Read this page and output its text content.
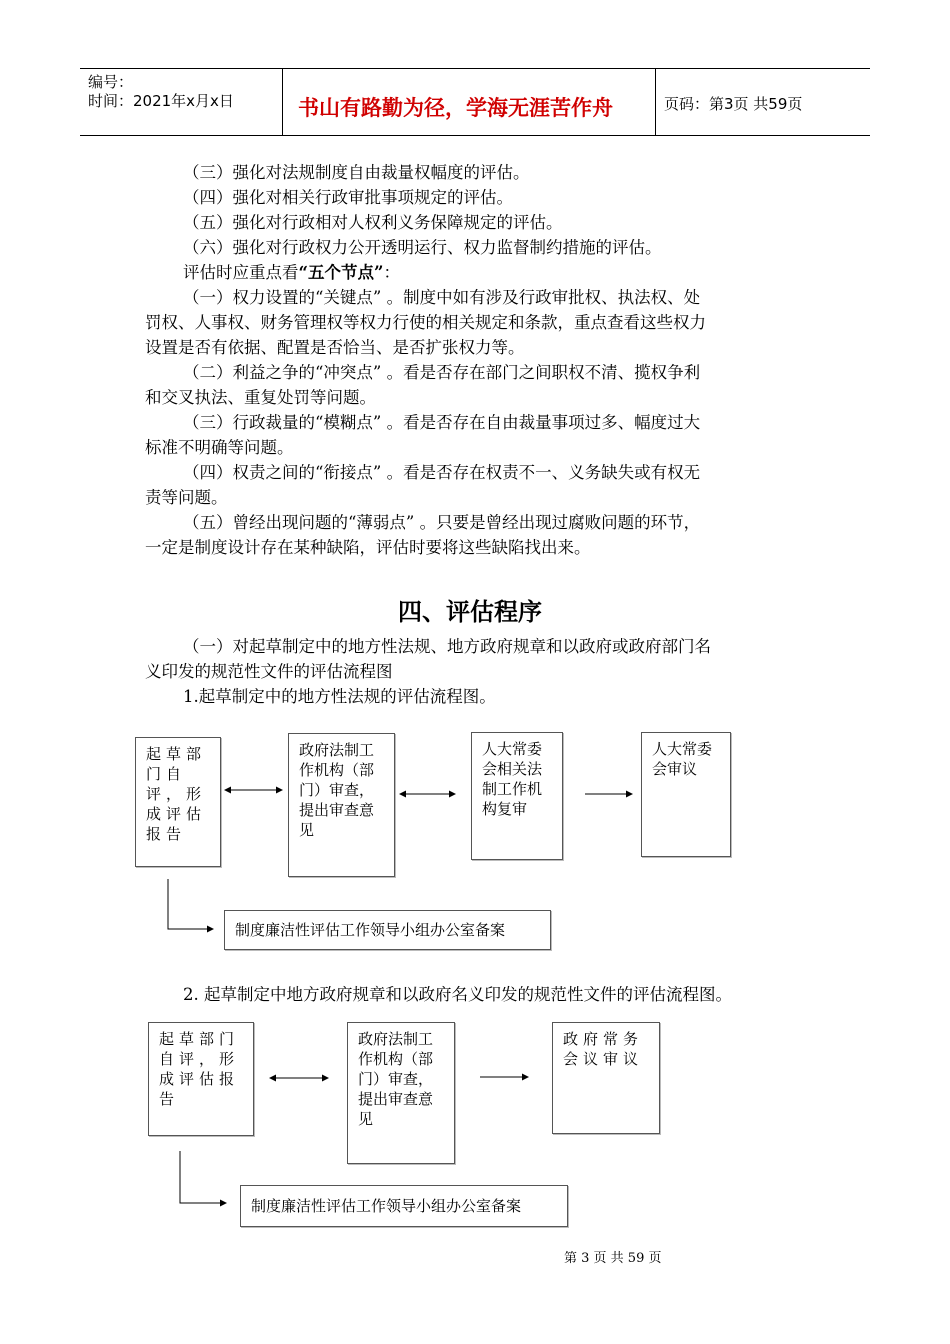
编号：
时间：2021年x月x日	书山有路勤为径，学海无涯苦作舟	页码：第3页 共59页
（三）强化对法规制度自由裁量权幅度的评估。
（四）强化对相关行政审批事项规定的评估。
（五）强化对行政相对人权利义务保障规定的评估。
（六）强化对行政权力公开透明运行、权力监督制约措施的评估。
评估时应重点看“五个节点”：
（一）权力设置的“关键点” 。制度中如有涉及行政审批权、执法权、处
罚权、人事权、财务管理权等权力行使的相关规定和条款，重点查看这些权力
设置是否有依据、配置是否恰当、是否扩张权力等。
（二）利益之争的“冲突点” 。看是否存在部门之间职权不清、揽权争利
和交叉执法、重复处罚等问题。
（三）行政裁量的“模糊点” 。看是否存在自由裁量事项过多、幅度过大
标准不明确等问题。
（四）权责之间的“衔接点” 。看是否存在权责不一、义务缺失或有权无
责等问题。
（五）曾经出现问题的“薄弱点” 。只要是曾经出现过腐败问题的环节，
一定是制度设计存在某种缺陷，评估时要将这些缺陷找出来。
四、评估程序
（一）对起草制定中的地方性法规、地方政府规章和以政府或政府部门名
义印发的规范性文件的评估流程图
1.起草制定中的地方性法规的评估流程图。
起草部门自评，形成评估报告
政府法制工作机构（部门）审查，提出审查意见
人大常委会相关法制工作机构复审
人大常委会审议
制度廉洁性评估工作领导小组办公室备案
2. 起草制定中地方政府规章和以政府名义印发的规范性文件的评估流程图。
起草部门自评，形成评估报告
政府法制工作机构（部门）审查，提出审查意见
政府常务会议审议
制度廉洁性评估工作领导小组办公室备案
第 3 页 共 59 页
